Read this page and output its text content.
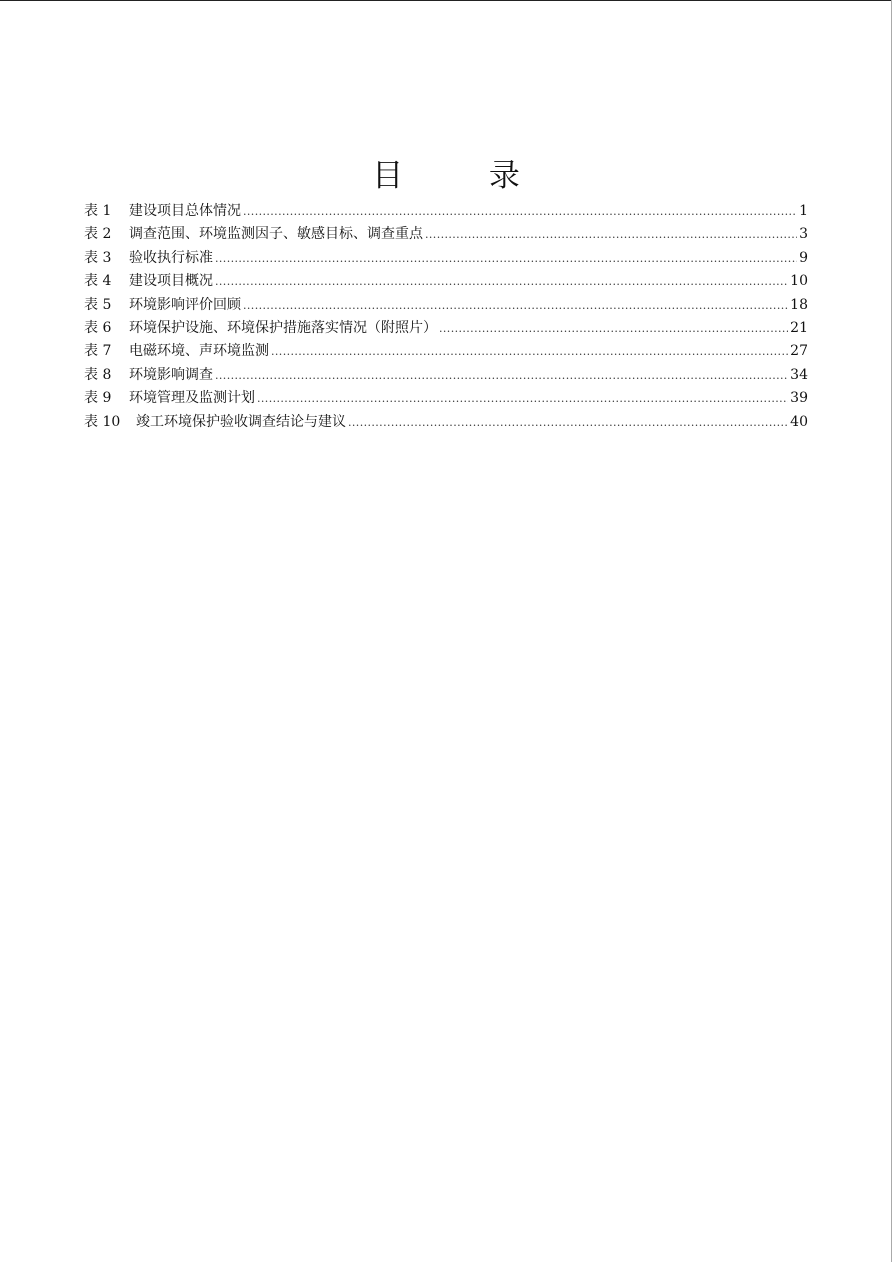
目 录
表 1	建设项目总体情况 .....	1
表 2	调查范围、环境监测因子、敏感目标、调查重点 .....	3
表 3	验收执行标准 .....	9
表 4	建设项目概况 .....	10
表 5	环境影响评价回顾 .....	18
表 6	环境保护设施、环境保护措施落实情况（附照片） .....	21
表 7	电磁环境、声环境监测 .....	27
表 8	环境影响调查 .....	34
表 9	环境管理及监测计划 .....	39
表 10	竣工环境保护验收调查结论与建议 .....	40
